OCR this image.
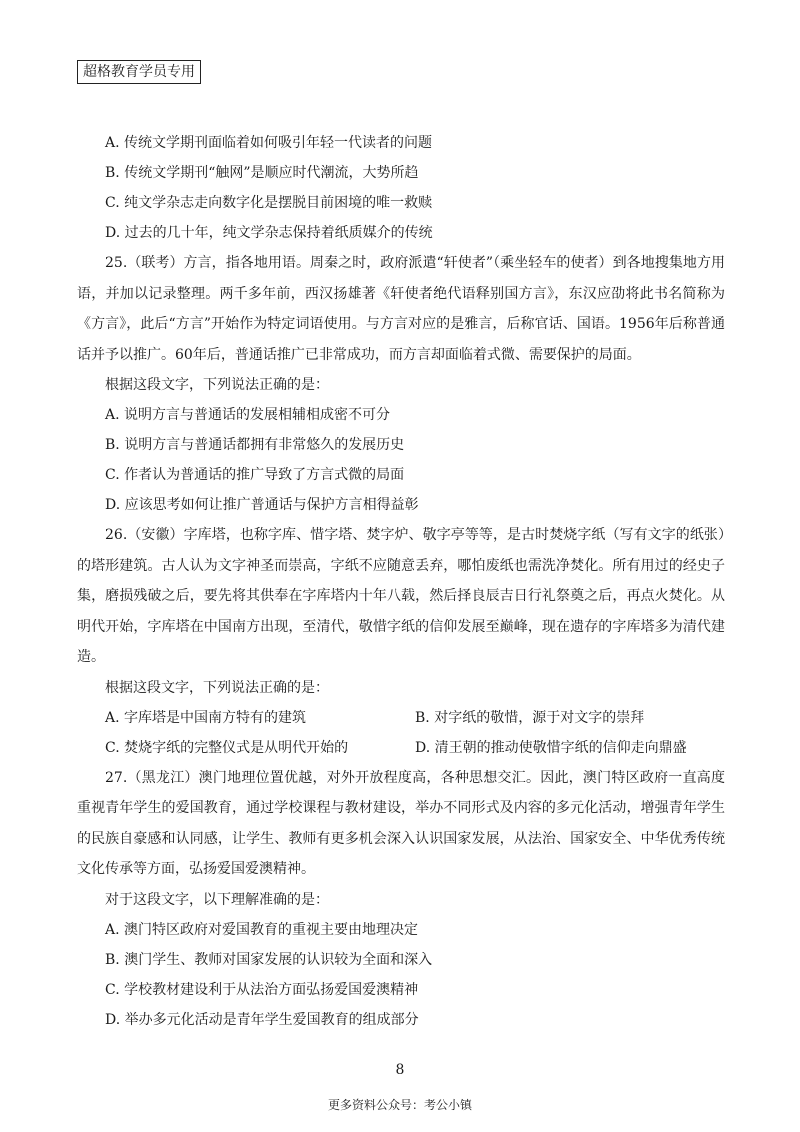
超格教育学员专用
A. 传统文学期刊面临着如何吸引年轻一代读者的问题
B. 传统文学期刊“触网”是顺应时代潮流，大势所趋
C. 纯文学杂志走向数字化是摆脱目前困境的唯一救赎
D. 过去的几十年，纯文学杂志保持着纸质媒介的传统

25.（联考）方言，指各地用语。周秦之时，政府派遣“轩使者”（乘坐轻车的使者）到各地搜集地方用语，并加以记录整理。两千多年前，西汉扬雄著《轩使者绝代语释别国方言》，东汉应劭将此书名简称为《方言》，此后“方言”开始作为特定词语使用。与方言对应的是雅言，后称官话、国语。1956年后称普通话并予以推广。60年后，普通话推广已非常成功，而方言却面临着式微、需要保护的局面。

根据这段文字，下列说法正确的是：
A. 说明方言与普通话的发展相辅相成密不可分
B. 说明方言与普通话都拥有非常悠久的发展历史
C. 作者认为普通话的推广导致了方言式微的局面
D. 应该思考如何让推广普通话与保护方言相得益彰

26.（安徽）字库塔，也称字库、惜字塔、焚字炉、敬字亭等等，是古时焚烧字纸（写有文字的纸张）的塔形建筑。古人认为文字神圣而崇高，字纸不应随意丢弃，哪怕废纸也需洗净焚化。所有用过的经史子集，磨损残破之后，要先将其供奉在字库塔内十年八载，然后择良辰吉日行礼祭奠之后，再点火焚化。从明代开始，字库塔在中国南方出现，至清代，敬惜字纸的信仰发展至巅峰，现在遗存的字库塔多为清代建造。

根据这段文字，下列说法正确的是：
A. 字库塔是中国南方特有的建筑	B. 对字纸的敬惜，源于对文字的崇拜
C. 焚烧字纸的完整仪式是从明代开始的	D. 清王朝的推动使敬惜字纸的信仰走向鼎盛

27.（黑龙江）澳门地理位置优越，对外开放程度高，各种思想交汇。因此，澳门特区政府一直高度重视青年学生的爱国教育，通过学校课程与教材建设，举办不同形式及内容的多元化活动，增强青年学生的民族自豪感和认同感，让学生、教师有更多机会深入认识国家发展，从法治、国家安全、中华优秀传统文化传承等方面，弘扬爱国爱澳精神。

对于这段文字，以下理解准确的是：
A. 澳门特区政府对爱国教育的重视主要由地理决定
B. 澳门学生、教师对国家发展的认识较为全面和深入
C. 学校教材建设利于从法治方面弘扬爱国爱澳精神
D. 举办多元化活动是青年学生爱国教育的组成部分
8
更多资料公众号：考公小镇
